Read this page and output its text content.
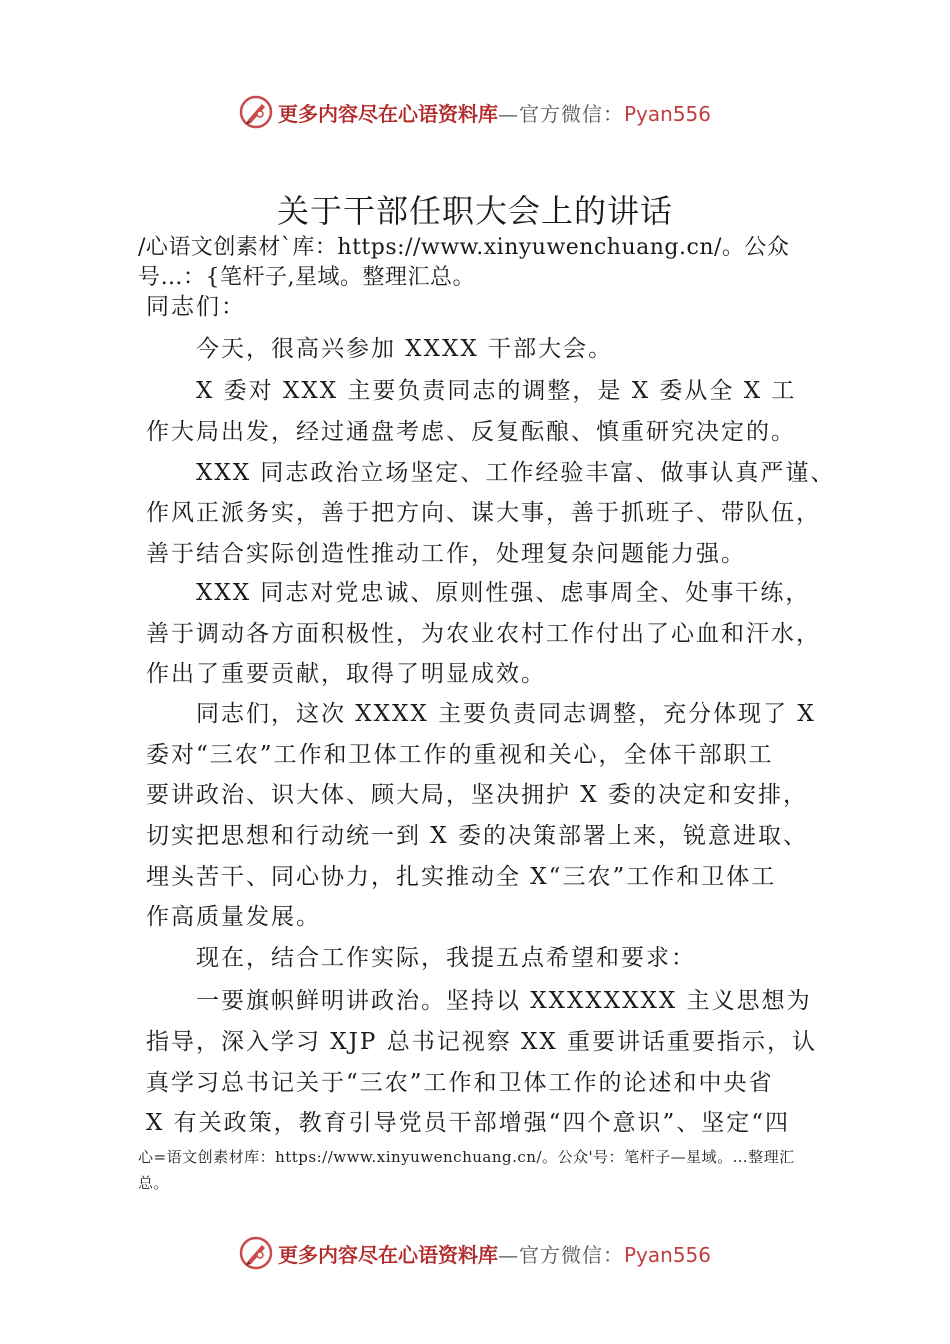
更多内容尽在心语资料库—官方微信：Pyan556
关于干部任职大会上的讲话
/心语文创素材`库：https://www.xinyuwenchuang.cn/。公众
号…：{笔杆子,星域。整理汇总。
同志们：
今天，很高兴参加 XXXX 干部大会。
X 委对 XXX 主要负责同志的调整，是 X 委从全 X 工
作大局出发，经过通盘考虑、反复酝酿、慎重研究决定的。
XXX 同志政治立场坚定、工作经验丰富、做事认真严谨、
作风正派务实，善于把方向、谋大事，善于抓班子、带队伍，
善于结合实际创造性推动工作，处理复杂问题能力强。
XXX 同志对党忠诚、原则性强、虑事周全、处事干练，
善于调动各方面积极性，为农业农村工作付出了心血和汗水，
作出了重要贡献，取得了明显成效。
同志们，这次 XXXX 主要负责同志调整，充分体现了 X
委对“三农”工作和卫体工作的重视和关心，全体干部职工
要讲政治、识大体、顾大局，坚决拥护 X 委的决定和安排，
切实把思想和行动统一到 X 委的决策部署上来，锐意进取、
埋头苦干、同心协力，扎实推动全 X“三农”工作和卫体工
作高质量发展。
现在，结合工作实际，我提五点希望和要求：
一要旗帜鲜明讲政治。坚持以 XXXXXXXX 主义思想为
指导，深入学习 XJP 总书记视察 XX 重要讲话重要指示，认
真学习总书记关于“三农”工作和卫体工作的论述和中央省
X 有关政策，教育引导党员干部增强“四个意识”、坚定“四
心=语文创素材库：https://www.xinyuwenchuang.cn/。公众'号：笔杆子—星域。…整理汇
总。
更多内容尽在心语资料库—官方微信：Pyan556
